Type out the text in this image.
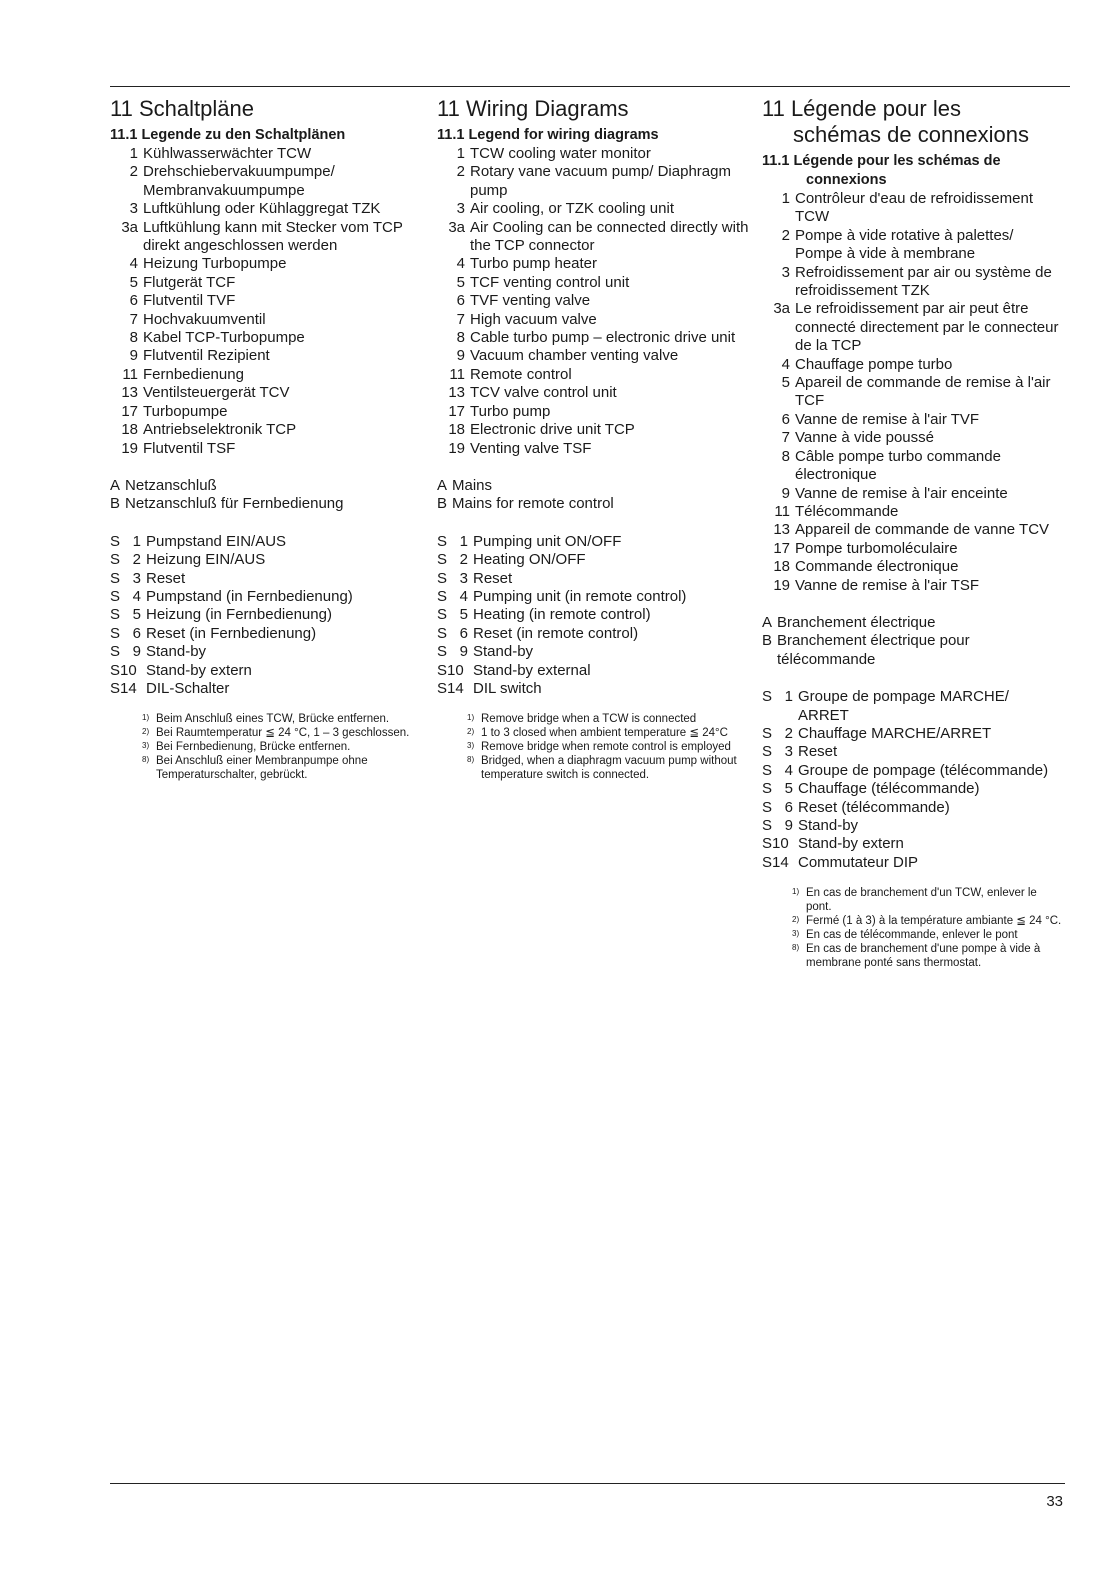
11 Schaltpläne
11.1 Legende zu den Schaltplänen
1 Kühlwasserwächter TCW
2 Drehschiebervakuumpumpe/ Membranvakuumpumpe
3 Luftkühlung oder Kühlaggregat TZK
3a Luftkühlung kann mit Stecker vom TCP direkt angeschlossen werden
4 Heizung Turbopumpe
5 Flutgerät TCF
6 Flutventil TVF
7 Hochvakuumventil
8 Kabel TCP-Turbopumpe
9 Flutventil Rezipient
11 Fernbedienung
13 Ventilsteuergerät TCV
17 Turbopumpe
18 Antriebselektronik TCP
19 Flutventil TSF
A Netzanschluß
B Netzanschluß für Fernbedienung
S 1 Pumpstand EIN/AUS
S 2 Heizung EIN/AUS
S 3 Reset
S 4 Pumpstand (in Fernbedienung)
S 5 Heizung (in Fernbedienung)
S 6 Reset (in Fernbedienung)
S 9 Stand-by
S10 Stand-by extern
S14 DIL-Schalter
1) Beim Anschluß eines TCW, Brücke entfernen.
2) Bei Raumtemperatur ≦ 24 °C, 1 – 3 geschlossen.
3) Bei Fernbedienung, Brücke entfernen.
8) Bei Anschluß einer Membranpumpe ohne Temperaturschalter, gebrückt.
11 Wiring Diagrams
11.1 Legend for wiring diagrams
1 TCW cooling water monitor
2 Rotary vane vacuum pump/ Diaphragm pump
3 Air cooling, or TZK cooling unit
3a Air Cooling can be connected directly with the TCP connector
4 Turbo pump heater
5 TCF venting control unit
6 TVF venting valve
7 High vacuum valve
8 Cable turbo pump – electronic drive unit
9 Vacuum chamber venting valve
11 Remote control
13 TCV valve control unit
17 Turbo pump
18 Electronic drive unit TCP
19 Venting valve TSF
A Mains
B Mains for remote control
S 1 Pumping unit ON/OFF
S 2 Heating ON/OFF
S 3 Reset
S 4 Pumping unit (in remote control)
S 5 Heating (in remote control)
S 6 Reset (in remote control)
S 9 Stand-by
S10 Stand-by external
S14 DIL switch
1) Remove bridge when a TCW is connected
2) 1 to 3 closed when ambient temperature ≦ 24°C
3) Remove bridge when remote control is employed
8) Bridged, when a diaphragm vacuum pump without temperature switch is connected.
11 Légende pour les
schémas de connexions
11.1 Légende pour les schémas de
connexions
1 Contrôleur d'eau de refroidissement TCW
2 Pompe à vide rotative à palettes/ Pompe à vide à membrane
3 Refroidissement par air ou système de refroidissement TZK
3a Le refroidissement par air peut être connecté directement par le connecteur de la TCP
4 Chauffage pompe turbo
5 Apareil de commande de remise à l'air TCF
6 Vanne de remise à l'air TVF
7 Vanne à vide poussé
8 Câble pompe turbo commande électronique
9 Vanne de remise à l'air enceinte
11 Télécommande
13 Appareil de commande de vanne TCV
17 Pompe turbomoléculaire
18 Commande électronique
19 Vanne de remise à l'air TSF
A Branchement électrique
B Branchement électrique pour télécommande
S 1 Groupe de pompage MARCHE/ ARRET
S 2 Chauffage MARCHE/ARRET
S 3 Reset
S 4 Groupe de pompage (télécommande)
S 5 Chauffage (télécommande)
S 6 Reset (télécommande)
S 9 Stand-by
S10 Stand-by extern
S14 Commutateur DIP
1) En cas de branchement d'un TCW, enlever le pont.
2) Fermé (1 à 3) à la température ambiante ≦ 24 °C.
3) En cas de télécommande, enlever le pont
8) En cas de branchement d'une pompe à vide à membrane ponté sans thermostat.
33
